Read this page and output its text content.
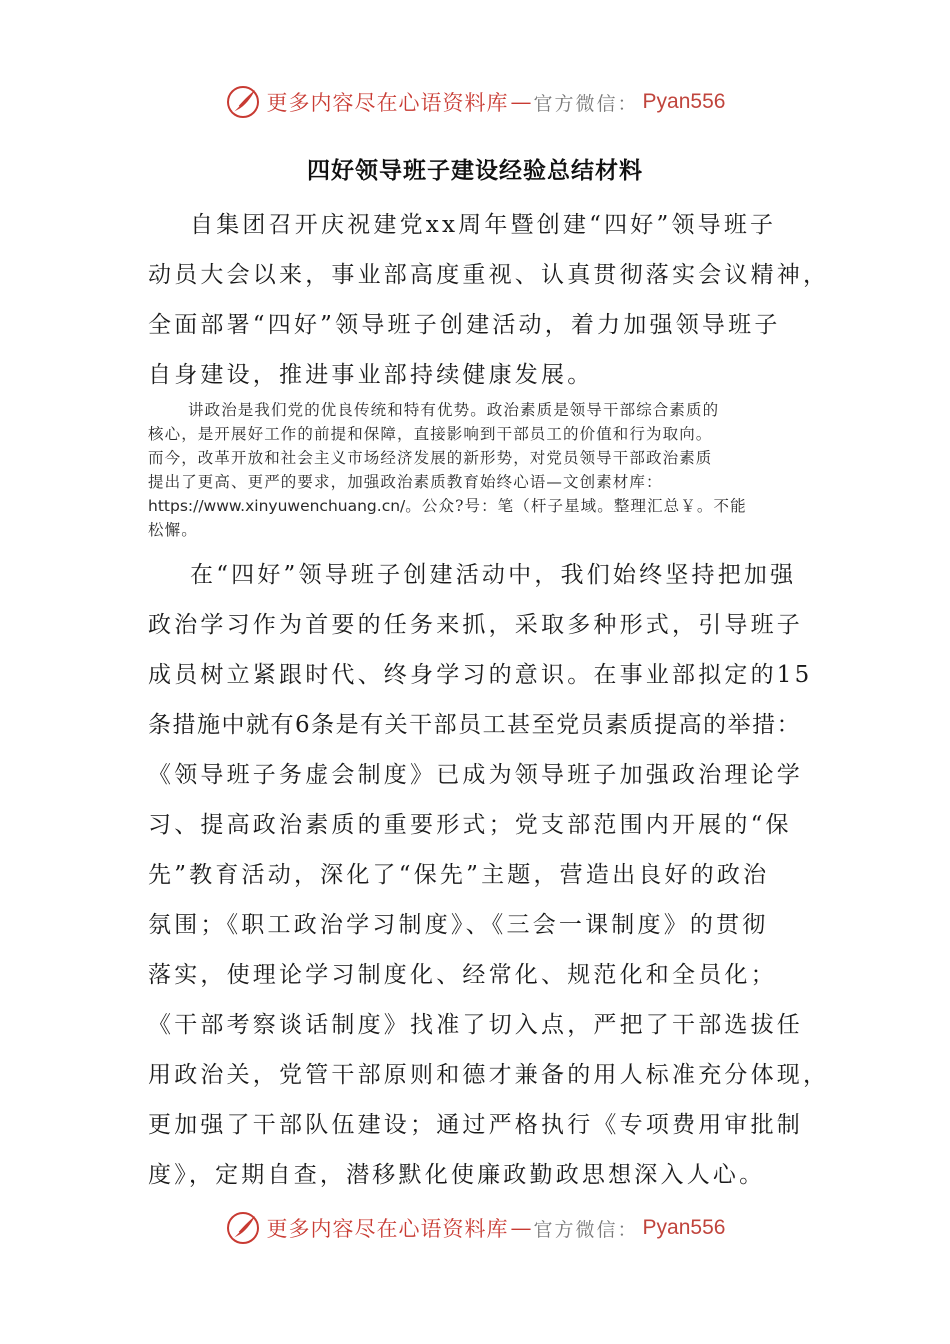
更多内容尽在心语资料库 — 官方微信： Pyan556
四好领导班子建设经验总结材料
自集团召开庆祝建党xx周年暨创建“四好”领导班子
动员大会以来，事业部高度重视、认真贯彻落实会议精神，
全面部署“四好”领导班子创建活动，着力加强领导班子
自身建设，推进事业部持续健康发展。
讲政治是我们党的优良传统和特有优势。政治素质是领导干部综合素质的
核心，是开展好工作的前提和保障，直接影响到干部员工的价值和行为取向。
而今，改革开放和社会主义市场经济发展的新形势，对党员领导干部政治素质
提出了更高、更严的要求，加强政治素质教育始终心语—文创素材库：
https://www.xinyuwenchuang.cn/。公众?号：笔（杆子星域。整理汇总￥。不能
松懈。
在“四好”领导班子创建活动中，我们始终坚持把加强
政治学习作为首要的任务来抓，采取多种形式，引导班子
成员树立紧跟时代、终身学习的意识。在事业部拟定的15
条措施中就有6条是有关干部员工甚至党员素质提高的举措：
《领导班子务虚会制度》已成为领导班子加强政治理论学
习、提高政治素质的重要形式；党支部范围内开展的“保
先”教育活动，深化了“保先”主题，营造出良好的政治
氛围；《职工政治学习制度》、《三会一课制度》的贯彻
落实，使理论学习制度化、经常化、规范化和全员化；
《干部考察谈话制度》找准了切入点，严把了干部选拔任
用政治关，党管干部原则和德才兼备的用人标准充分体现，
更加强了干部队伍建设；通过严格执行《专项费用审批制
度》，定期自查，潜移默化使廉政勤政思想深入人心。
更多内容尽在心语资料库 — 官方微信： Pyan556
